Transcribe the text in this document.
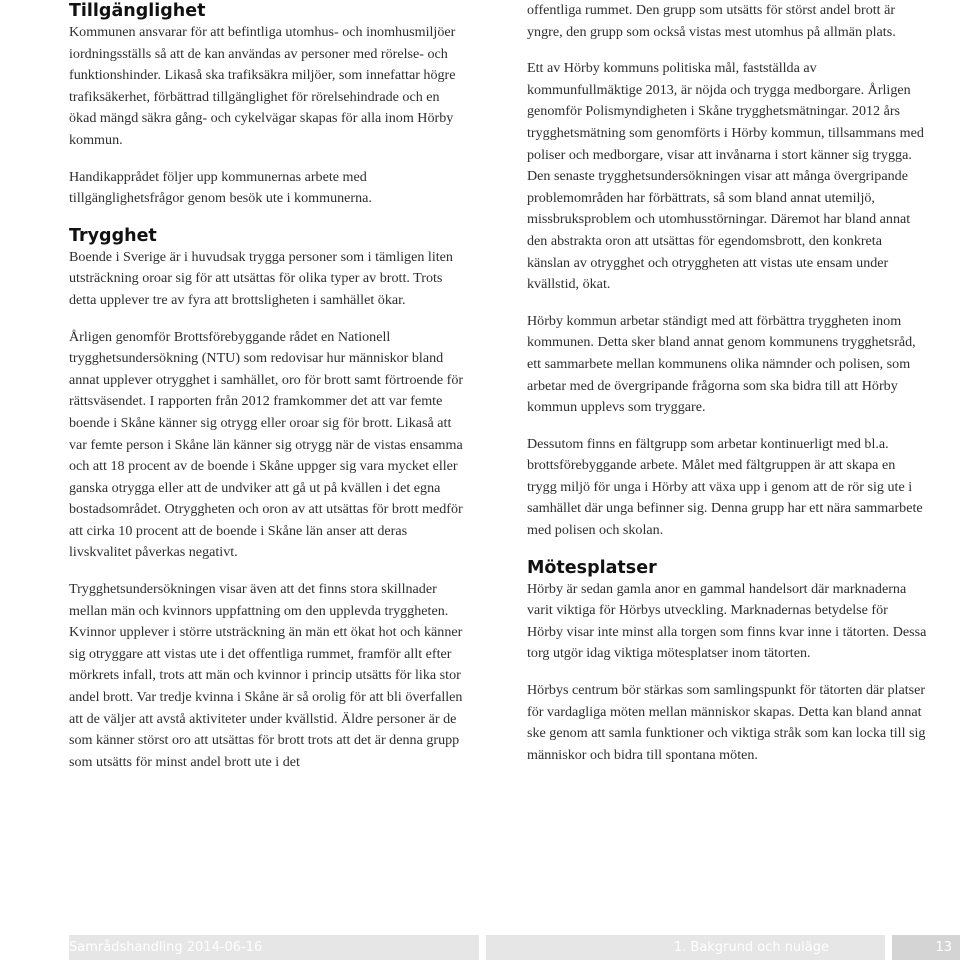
Tillgänglighet

Kommunen ansvarar för att befintliga utomhus- och inomhusmiljöer iordningsställs så att de kan användas av personer med rörelse- och funktionshinder. Likaså ska trafiksäkra miljöer, som innefattar högre trafiksäkerhet, förbättrad tillgänglighet för rörelsehindrade och en ökad mängd säkra gång- och cykelvägar skapas för alla inom Hörby kommun.

Handikapprådet följer upp kommunernas arbete med tillgänglighetsfrågor genom besök ute i kommunerna.

Trygghet

Boende i Sverige är i huvudsak trygga personer som i tämligen liten utsträckning oroar sig för att utsättas för olika typer av brott. Trots detta upplever tre av fyra att brottsligheten i samhället ökar.

Årligen genomför Brottsförebyggande rådet en Nationell trygghetsundersökning (NTU) som redovisar hur människor bland annat upplever otrygghet i samhället, oro för brott samt förtroende för rättsväsendet. I rapporten från 2012 framkommer det att var femte boende i Skåne känner sig otrygg eller oroar sig för brott. Likaså att var femte person i Skåne län känner sig otrygg när de vistas ensamma och att 18 procent av de boende i Skåne uppger sig vara mycket eller ganska otrygga eller att de undviker att gå ut på kvällen i det egna bostadsområdet. Otryggheten och oron av att utsättas för brott medför att cirka 10 procent att de boende i Skåne län anser att deras livskvalitet påverkas negativt.

Trygghetsundersökningen visar även att det finns stora skillnader mellan män och kvinnors uppfattning om den upplevda tryggheten. Kvinnor upplever i större utsträckning än män ett ökat hot och känner sig otryggare att vistas ute i det offentliga rummet, framför allt efter mörkrets infall, trots att män och kvinnor i princip utsätts för lika stor andel brott. Var tredje kvinna i Skåne är så orolig för att bli överfallen att de väljer att avstå aktiviteter under kvällstid. Äldre personer är de som känner störst oro att utsättas för brott trots att det är denna grupp som utsätts för minst andel brott ute i det

offentliga rummet. Den grupp som utsätts för störst andel brott är yngre, den grupp som också vistas mest utomhus på allmän plats.

Ett av Hörby kommuns politiska mål, fastställda av kommunfullmäktige 2013, är nöjda och trygga medborgare. Årligen genomför Polismyndigheten i Skåne trygghetsmätningar. 2012 års trygghetsmätning som genomförts i Hörby kommun, tillsammans med poliser och medborgare, visar att invånarna i stort känner sig trygga. Den senaste trygghetsundersökningen visar att många övergripande problemområden har förbättrats, så som bland annat utemiljö, missbruksproblem och utomhusstörningar. Däremot har bland annat den abstrakta oron att utsättas för egendomsbrott, den konkreta känslan av otrygghet och otryggheten att vistas ute ensam under kvällstid, ökat.

Hörby kommun arbetar ständigt med att förbättra tryggheten inom kommunen. Detta sker bland annat genom kommunens trygghetsråd, ett sammarbete mellan kommunens olika nämnder och polisen, som arbetar med de övergripande frågorna som ska bidra till att Hörby kommun upplevs som tryggare.

Dessutom finns en fältgrupp som arbetar kontinuerligt med bl.a. brottsförebyggande arbete. Målet med fältgruppen är att skapa en trygg miljö för unga i Hörby att växa upp i genom att de rör sig ute i samhället där unga befinner sig. Denna grupp har ett nära sammarbete med polisen och skolan.

Mötesplatser

Hörby är sedan gamla anor en gammal handelsort där marknaderna varit viktiga för Hörbys utveckling. Marknadernas betydelse för Hörby visar inte minst alla torgen som finns kvar inne i tätorten. Dessa torg utgör idag viktiga mötesplatser inom tätorten.

Hörbys centrum bör stärkas som samlingspunkt för tätorten där platser för vardagliga möten mellan människor skapas. Detta kan bland annat ske genom att samla funktioner och viktiga stråk som kan locka till sig människor och bidra till spontana möten.

Samrådshandling 2014-06-16	1. Bakgrund och nuläge	13
